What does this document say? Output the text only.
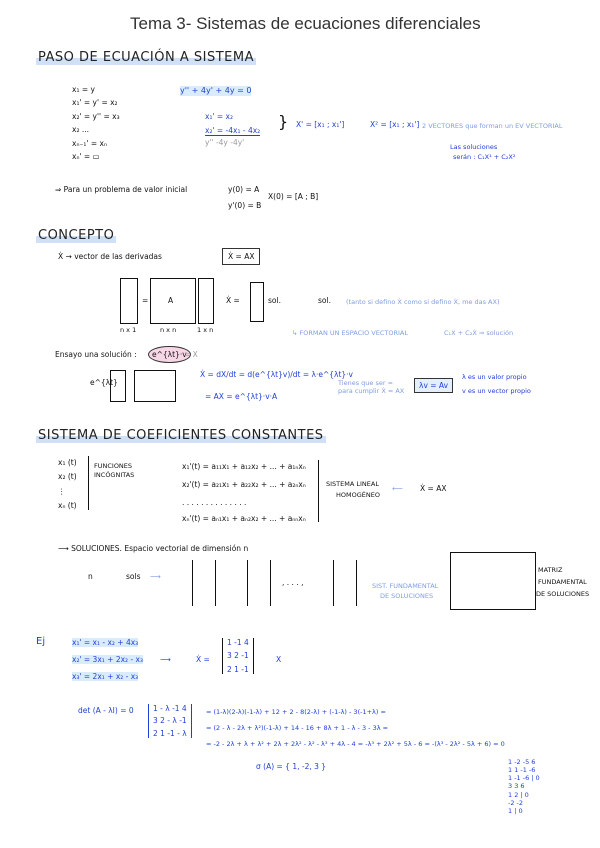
Tema 3- Sistemas de ecuaciones diferenciales
PASO DE ECUACIÓN A SISTEMA
x₁ = y
x₁' = y' = x₂
x₂' = y'' = x₃
x₂ ...
xₙ₋₁' = xₙ
xₙ' = ▭
y'' + 4y' + 4y = 0
x₁' = x₂
x₂' = -4x₁ - 4x₂
y'' -4y -4y'
} X' = [x₁ ; x₁']	X² = [x₁ ; x₁'] 2 VECTORES que forman un EV VECTORIAL
Las soluciones
serán : C₁X¹ + C₂X²
⇒ Para un problema de valor inicial	y(0) = A
y'(0) = B
X(0) = [A ; B]
CONCEPTO
Ẋ → vector de las derivadas	Ẋ = AX
=	A
n x 1	n x n	1 x n
Ẋ =	sol.	sol. (tanto si defino Ẋ como si defino Ẋ, me das AX)
↳ FORMAN UN ESPACIO VECTORIAL	C₁X + C₂Ẋ ⇒ solución
Ensayo una solución :	e^{λt}·v
= X
e^{λt}
Ẋ = dX/dt = d(e^{λt}v)/dt = λ·e^{λt}·v
= AX = e^{λt}·v·A
Tienes que ser = para cumplir Ẋ = AX
λv = Av
λ es un valor propio
v es un vector propio
SISTEMA DE COEFICIENTES CONSTANTES
x₁ (t)
x₂ (t)
⋮
xₙ (t)
FUNCIONES
INCÓGNITAS
x₁'(t) = a₁₁x₁ + a₁₂x₂ + ... + a₁ₙxₙ
x₂'(t) = a₂₁x₁ + a₂₂x₂ + ... + a₂ₙxₙ
. . . . . . . . . . . . . .
xₙ'(t) = aₙ₁x₁ + aₙ₂x₂ + ... + aₙₙxₙ
SISTEMA LINEAL
HOMOGÉNEO
⟵ Ẋ = AX
⟶ SOLUCIONES. Espacio vectorial de dimensión n
n	sols ⟶
, . . . ,	SIST. FUNDAMENTAL
DE SOLUCIONES
MATRIZ
FUNDAMENTAL
DE SOLUCIONES
Ej	x₁' = x₁ - x₂ + 4x₃
x₂' = 3x₁ + 2x₂ - x₃
x₃' = 2x₁ + x₂ - x₃
⟶	Ẋ =
1 -1 4
3 2 -1
2 1 -1
X
det (A - λI) = 0	1 - λ -1 4
3 2 - λ -1
2 1 -1 - λ
= (1-λ)(2-λ)(-1-λ) + 12 + 2 - 8(2-λ) + (-1-λ) - 3(-1+λ) =
= (2 - λ - 2λ + λ²)(-1-λ) + 14 - 16 + 8λ + 1 - λ - 3 - 3λ =
= -2 - 2λ + λ + λ² + 2λ + 2λ² - λ² - λ³ + 4λ - 4 = -λ³ + 2λ² + 5λ - 6 = -(λ³ - 2λ² - 5λ + 6) = 0
σ (A) = { 1, -2, 3 }	1 -2 -5 6
1 1 -1 -6
1 -1 -6 | 0
3 3 6
1 2 | 0
-2 -2
1 | 0
